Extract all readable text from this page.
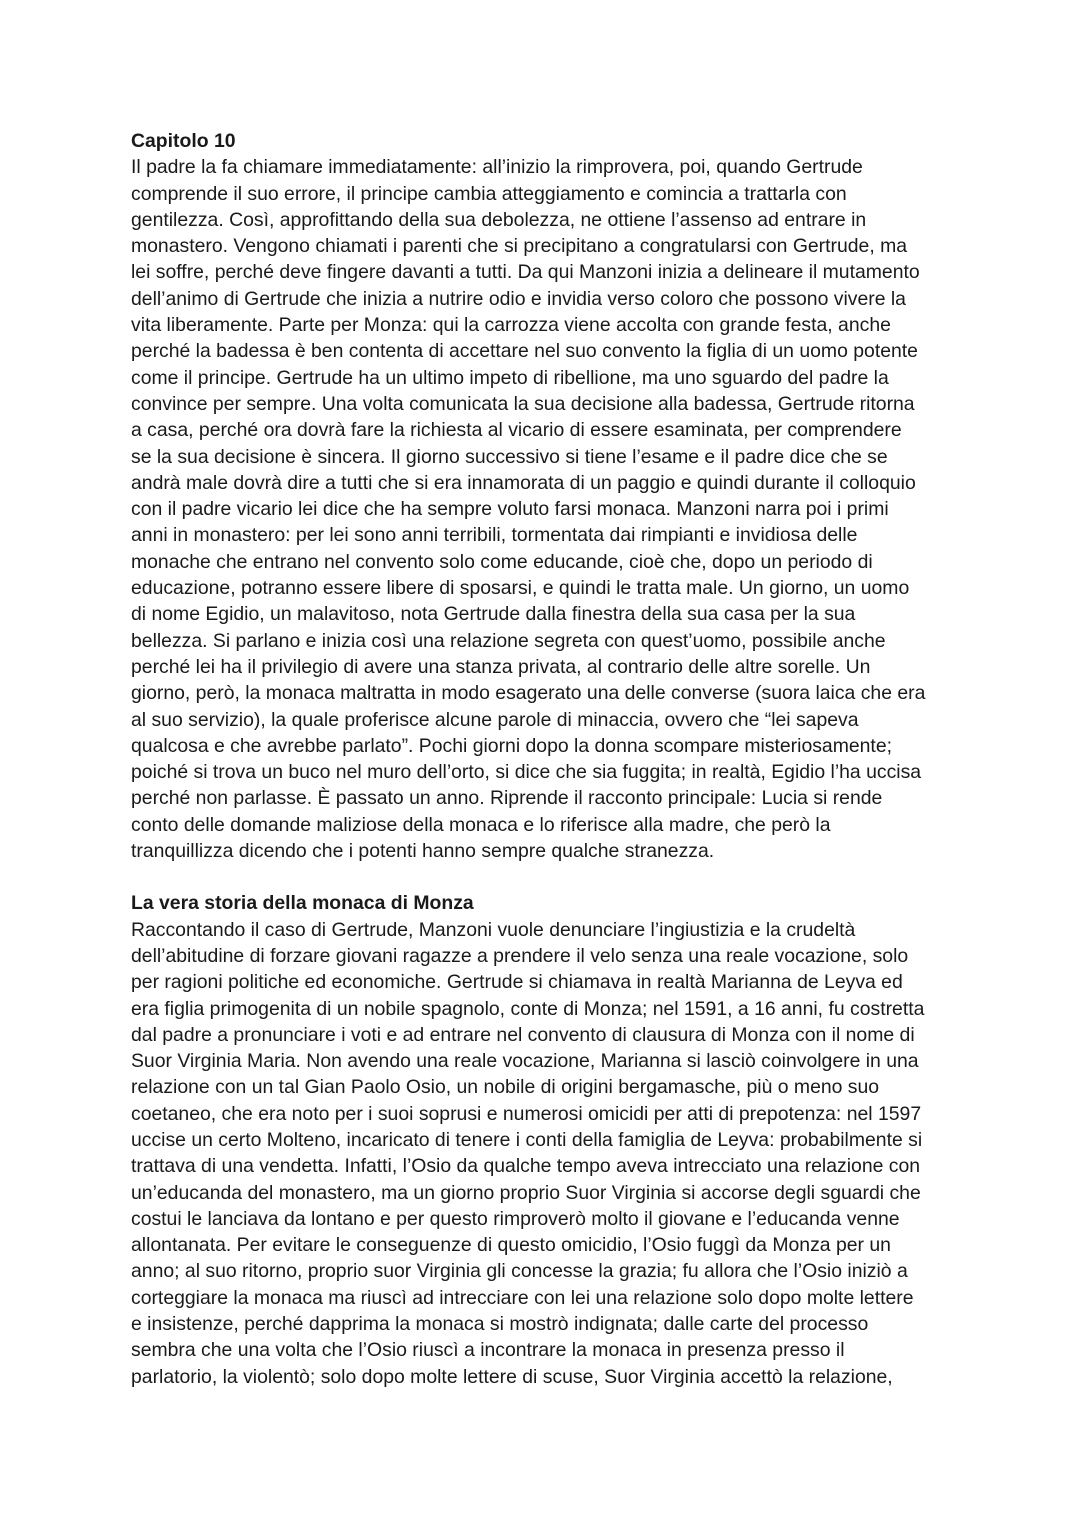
Capitolo 10
Il padre la fa chiamare immediatamente: all’inizio la rimprovera, poi, quando Gertrude
comprende il suo errore, il principe cambia atteggiamento e comincia a trattarla con
gentilezza. Così, approfittando della sua debolezza, ne ottiene l’assenso ad entrare in
monastero. Vengono chiamati i parenti che si precipitano a congratularsi con Gertrude, ma
lei soffre, perché deve fingere davanti a tutti. Da qui Manzoni inizia a delineare il mutamento
dell’animo di Gertrude che inizia a nutrire odio e invidia verso coloro che possono vivere la
vita liberamente. Parte per Monza: qui la carrozza viene accolta con grande festa, anche
perché la badessa è ben contenta di accettare nel suo convento la figlia di un uomo potente
come il principe. Gertrude ha un ultimo impeto di ribellione, ma uno sguardo del padre la
convince per sempre. Una volta comunicata la sua decisione alla badessa, Gertrude ritorna
a casa, perché ora dovrà fare la richiesta al vicario di essere esaminata, per comprendere
se la sua decisione è sincera. Il giorno successivo si tiene l’esame e il padre dice che se
andrà male dovrà dire a tutti che si era innamorata di un paggio e quindi durante il colloquio
con il padre vicario lei dice che ha sempre voluto farsi monaca. Manzoni narra poi i primi
anni in monastero: per lei sono anni terribili, tormentata dai rimpianti e invidiosa delle
monache che entrano nel convento solo come educande, cioè che, dopo un periodo di
educazione, potranno essere libere di sposarsi, e quindi le tratta male. Un giorno, un uomo
di nome Egidio, un malavitoso, nota Gertrude dalla finestra della sua casa per la sua
bellezza. Si parlano e inizia così una relazione segreta con quest’uomo, possibile anche
perché lei ha il privilegio di avere una stanza privata, al contrario delle altre sorelle. Un
giorno, però, la monaca maltratta in modo esagerato una delle converse (suora laica che era
al suo servizio), la quale proferisce alcune parole di minaccia, ovvero che “lei sapeva
qualcosa e che avrebbe parlato”. Pochi giorni dopo la donna scompare misteriosamente;
poiché si trova un buco nel muro dell’orto, si dice che sia fuggita; in realtà, Egidio l’ha uccisa
perché non parlasse. È passato un anno. Riprende il racconto principale: Lucia si rende
conto delle domande maliziose della monaca e lo riferisce alla madre, che però la
tranquillizza dicendo che i potenti hanno sempre qualche stranezza.
La vera storia della monaca di Monza
Raccontando il caso di Gertrude, Manzoni vuole denunciare l’ingiustizia e la crudeltà
dell’abitudine di forzare giovani ragazze a prendere il velo senza una reale vocazione, solo
per ragioni politiche ed economiche. Gertrude si chiamava in realtà Marianna de Leyva ed
era figlia primogenita di un nobile spagnolo, conte di Monza; nel 1591, a 16 anni, fu costretta
dal padre a pronunciare i voti e ad entrare nel convento di clausura di Monza con il nome di
Suor Virginia Maria. Non avendo una reale vocazione, Marianna si lasciò coinvolgere in una
relazione con un tal Gian Paolo Osio, un nobile di origini bergamasche, più o meno suo
coetaneo, che era noto per i suoi soprusi e numerosi omicidi per atti di prepotenza: nel 1597
uccise un certo Molteno, incaricato di tenere i conti della famiglia de Leyva: probabilmente si
trattava di una vendetta. Infatti, l’Osio da qualche tempo aveva intrecciato una relazione con
un’educanda del monastero, ma un giorno proprio Suor Virginia si accorse degli sguardi che
costui le lanciava da lontano e per questo rimproverò molto il giovane e l’educanda venne
allontanata. Per evitare le conseguenze di questo omicidio, l’Osio fuggì da Monza per un
anno; al suo ritorno, proprio suor Virginia gli concesse la grazia; fu allora che l’Osio iniziò a
corteggiare la monaca ma riuscì ad intrecciare con lei una relazione solo dopo molte lettere
e insistenze, perché dapprima la monaca si mostrò indignata; dalle carte del processo
sembra che una volta che l’Osio riuscì a incontrare la monaca in presenza presso il
parlatorio, la violentò; solo dopo molte lettere di scuse, Suor Virginia accettò la relazione,
